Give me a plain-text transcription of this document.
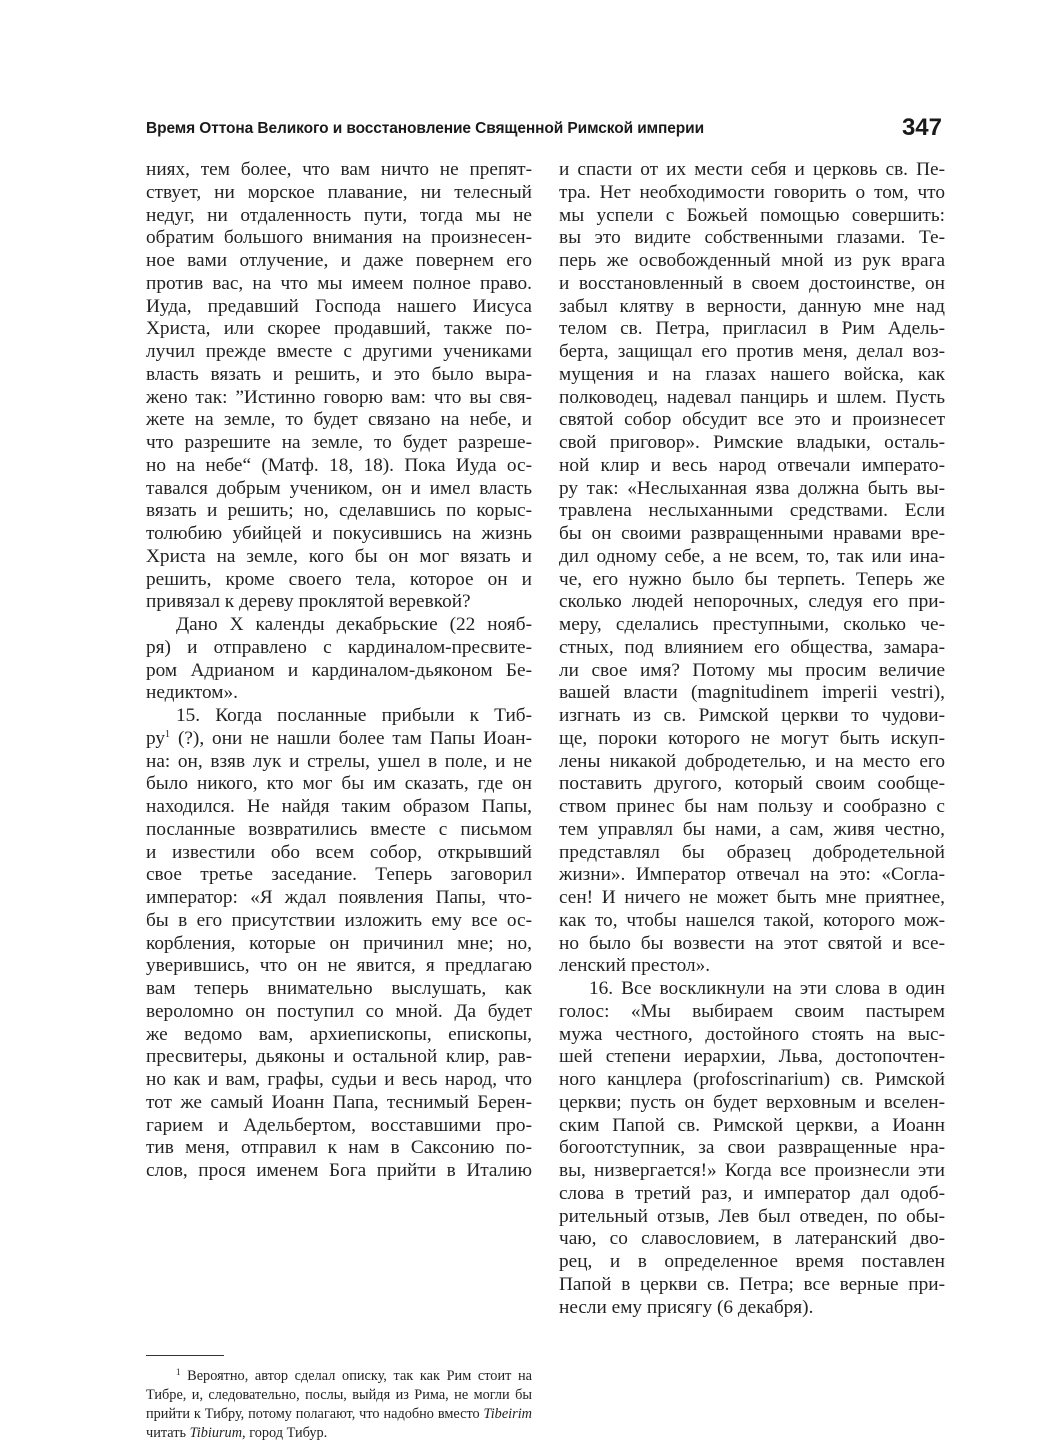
Время Оттона Великого и восстановление Священной Римской империи	347

ниях, тем более, что вам ничто не препят-

ствует, ни морское плавание, ни телесный

недуг, ни отдаленность пути, тогда мы не

обратим большого внимания на произнесен-

ное вами отлучение, и даже повернем его

против вас, на что мы имеем полное право.

Иуда, предавший Господа нашего Иисуса

Христа, или скорее продавший, также по-

лучил прежде вместе с другими учениками

власть вязать и решить, и это было выра-

жено так: ”Истинно говорю вам: что вы свя-

жете на земле, то будет связано на небе, и

что разрешите на земле, то будет разреше-

но на небе“ (Матф. 18, 18). Пока Иуда ос-

тавался добрым учеником, он и имел власть

вязать и решить; но, сделавшись по корыс-

толюбию убийцей и покусившись на жизнь

Христа на земле, кого бы он мог вязать и

решить, кроме своего тела, которое он и

привязал к дереву проклятой веревкой?

Дано X календы декабрьские (22 нояб-

ря) и отправлено с кардиналом-пресвите-

ром Адрианом и кардиналом-дьяконом Бе-

недиктом».

15. Когда посланные прибыли к Тиб-

$ру^1$ (?), они не нашли более там Папы Иоан-

на: он, взяв лук и стрелы, ушел в поле, и не

было никого, кто мог бы им сказать, где он

находился. Не найдя таким образом Папы,

посланные возвратились вместе с письмом

и известили обо всем собор, открывший

свое третье заседание. Теперь заговорил

император: «Я ждал появления Папы, что-

бы в его присутствии изложить ему все ос-

корбления, которые он причинил мне; но,

уверившись, что он не явится, я предлагаю

вам теперь внимательно выслушать, как

вероломно он поступил со мной. Да будет

же ведомо вам, архиепископы, епископы,

пресвитеры, дьяконы и остальной клир, рав-

но как и вам, графы, судьи и весь народ, что

тот же самый Иоанн Папа, теснимый Берен-

гарием и Адельбертом, восставшими про-

тив меня, отправил к нам в Саксонию по-

слов, прося именем Бога прийти в Италию

и спасти от их мести себя и церковь св. Пе-

тра. Нет необходимости говорить о том, что

мы успели с Божьей помощью совершить:

вы это видите собственными глазами. Те-

перь же освобожденный мной из рук врага

и восстановленный в своем достоинстве, он

забыл клятву в верности, данную мне над

телом св. Петра, пригласил в Рим Адель-

берта, защищал его против меня, делал воз-

мущения и на глазах нашего войска, как

полководец, надевал панцирь и шлем. Пусть

святой собор обсудит все это и произнесет

свой приговор». Римские владыки, осталь-

ной клир и весь народ отвечали императо-

ру так: «Неслыханная язва должна быть вы-

травлена неслыханными средствами. Если

бы он своими развращенными нравами вре-

дил одному себе, а не всем, то, так или ина-

че, его нужно было бы терпеть. Теперь же

сколько людей непорочных, следуя его при-

меру, сделались преступными, сколько че-

стных, под влиянием его общества, замара-

ли свое имя? Потому мы просим величие

вашей власти (magnitudinem imperii vestri),

изгнать из св. Римской церкви то чудови-

ще, пороки которого не могут быть искуп-

лены никакой добродетелью, и на место его

поставить другого, который своим сообще-

ством принес бы нам пользу и сообразно с

тем управлял бы нами, а сам, живя честно,

представлял бы образец добродетельной

жизни». Император отвечал на это: «Согла-

сен! И ничего не может быть мне приятнее,

как то, чтобы нашелся такой, которого мож-

но было бы возвести на этот святой и все-

ленский престол».

16. Все воскликнули на эти слова в один

голос: «Мы выбираем своим пастырем

мужа честного, достойного стоять на выс-

шей степени иерархии, Льва, достопочтен-

ного канцлера (profoscrinarium) св. Римской

церкви; пусть он будет верховным и вселен-

ским Папой св. Римской церкви, а Иоанн

богоотступник, за свои развращенные нра-

вы, низвергается!» Когда все произнесли эти

слова в третий раз, и император дал одоб-

рительный отзыв, Лев был отведен, по обы-

чаю, со славословием, в латеранский дво-

рец, и в определенное время поставлен

Папой в церкви св. Петра; все верные при-

несли ему присягу (6 декабря).

$^1$ Вероятно, автор сделал описку, так как Рим стоит на Тибре, и, следовательно, послы, выйдя из Рима, не могли бы прийти к Тибру, потому полагают, что надобно вместо Tibeirim читать Tibiurum, город Тибур.
